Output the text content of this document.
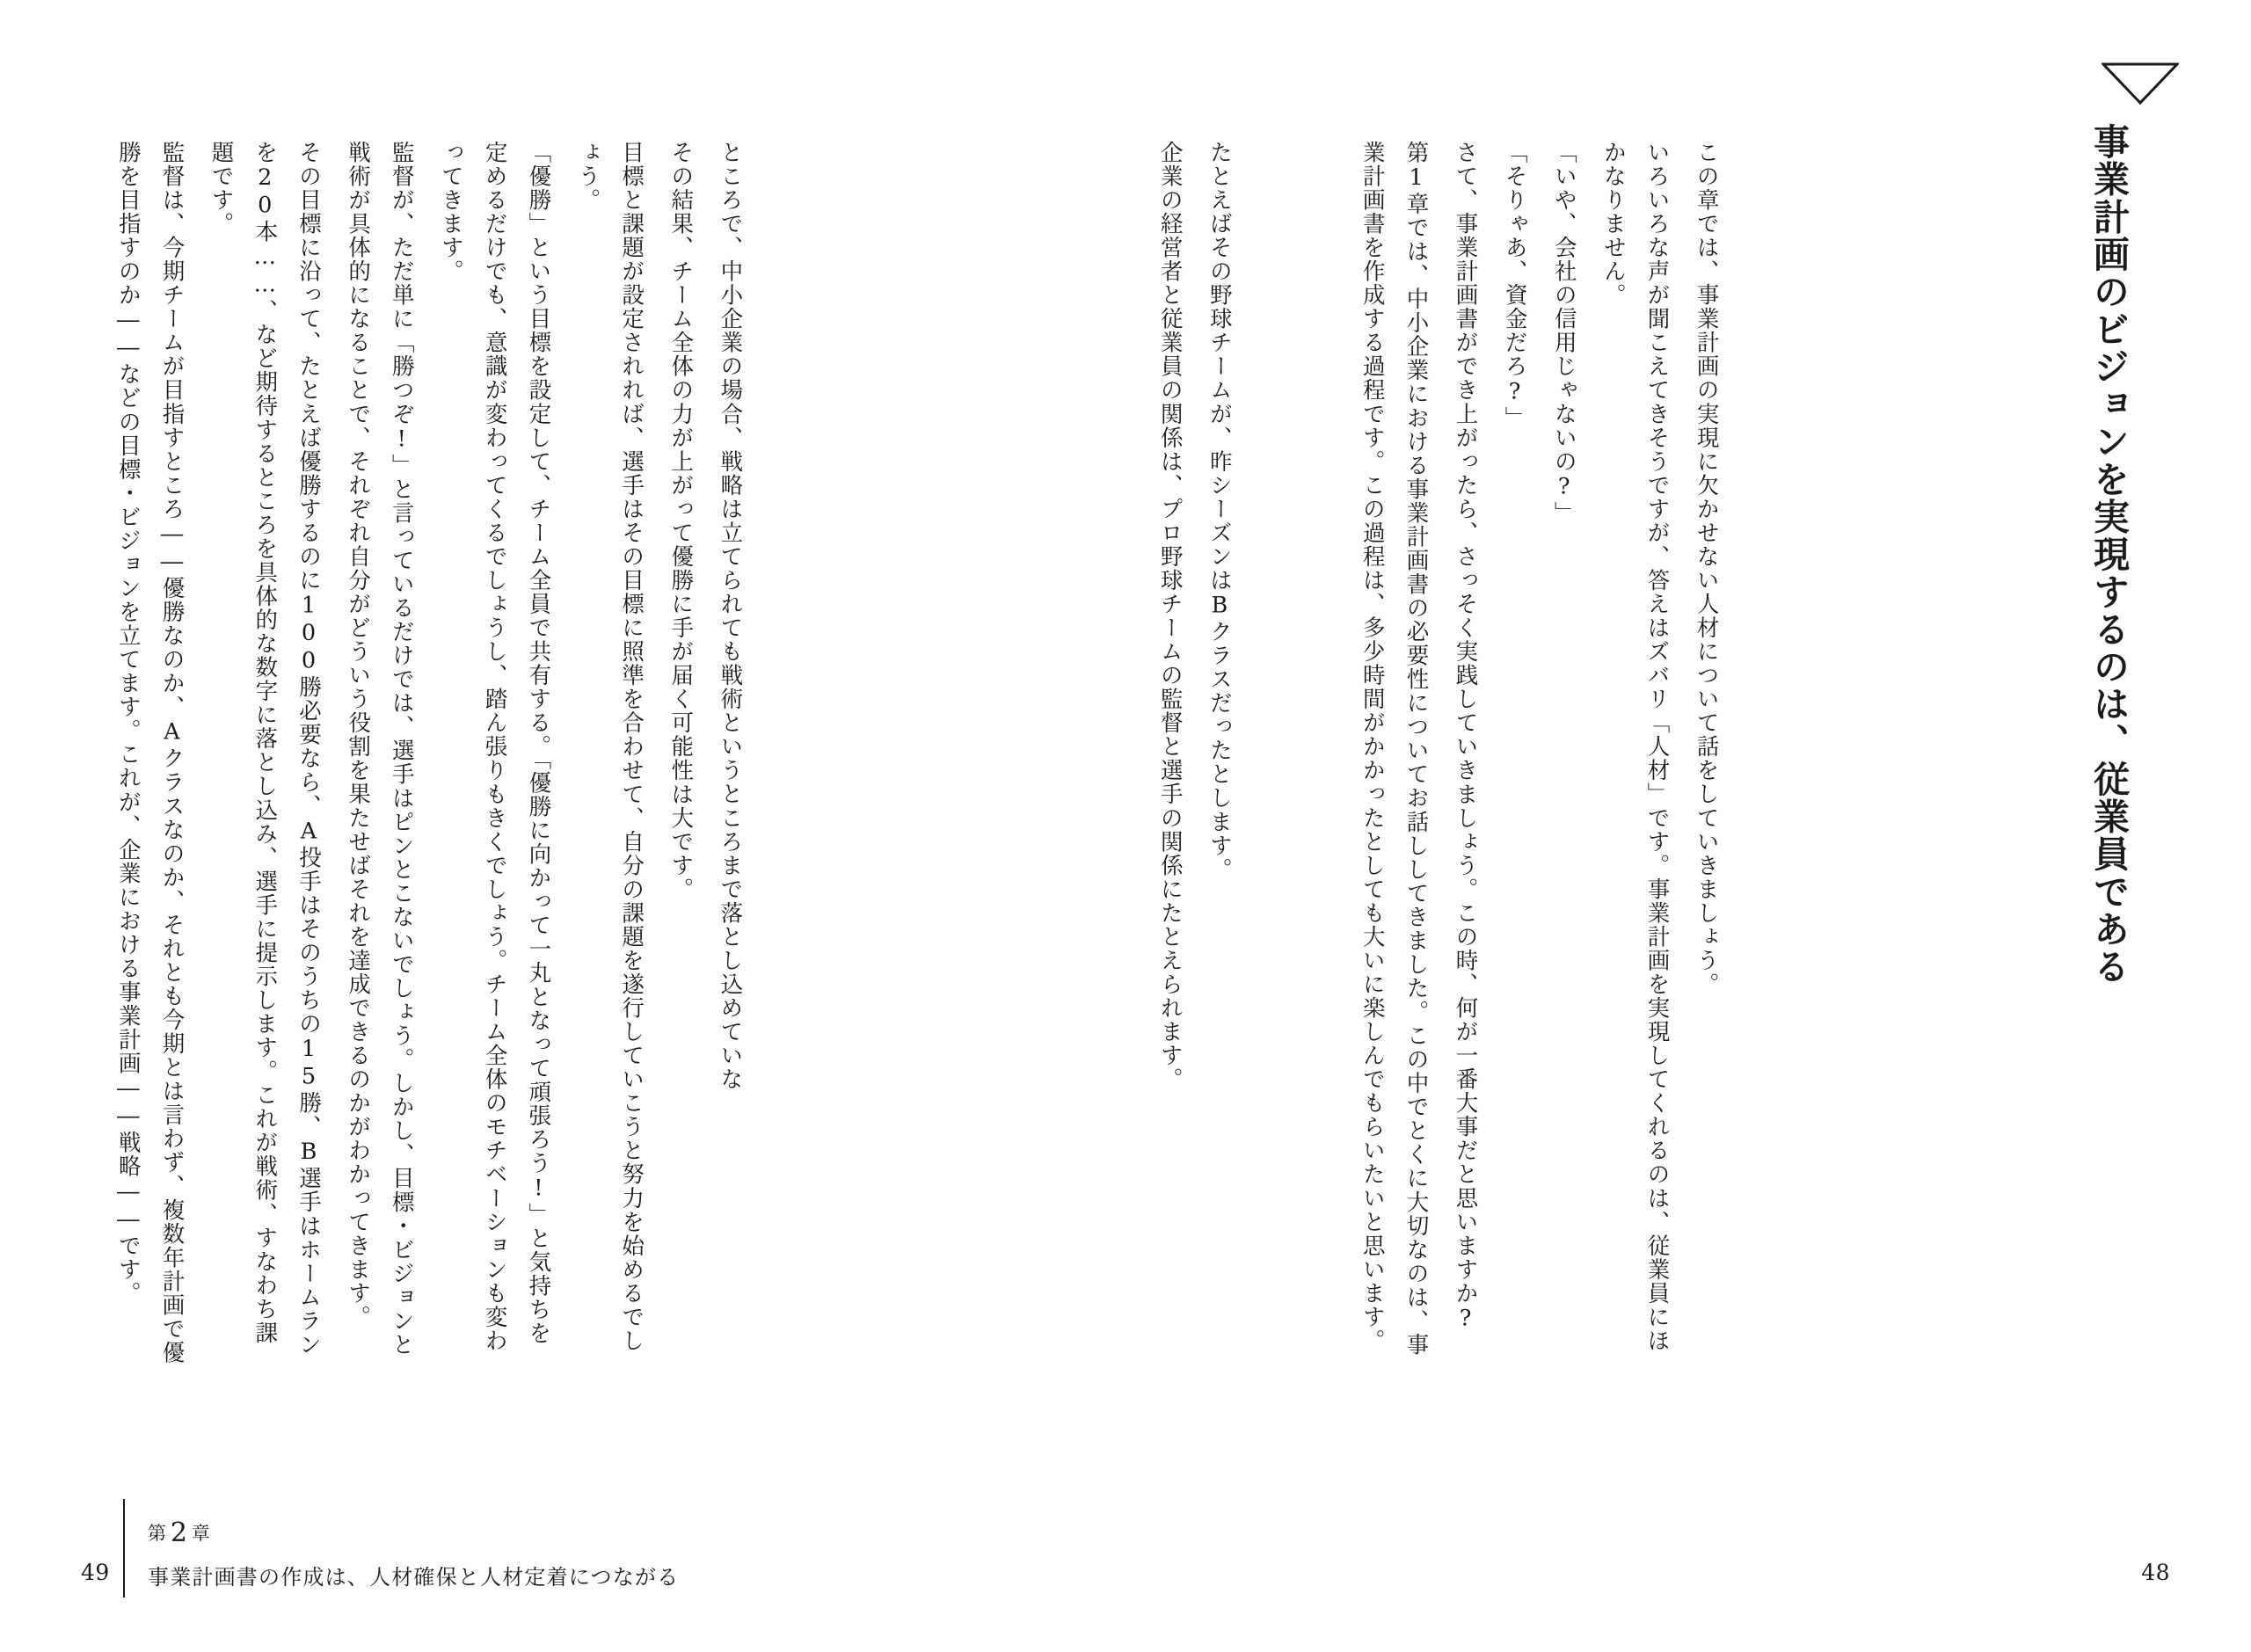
事業計画のビジョンを実現するのは、従業員である
第1章では、中小企業における事業計画書の必要性についてお話ししてきました。この中でとくに大切なのは、事業計画書を作成する過程です。この過程は、多少時間がかかったとしても大いに楽しんでもらいたいと思います。	さて、事業計画書ができ上がったら、さっそく実践していきましょう。この時、何が一番大事だと思いますか? 「そりゃあ、資金だろ?」 「いや、会社の信用じゃないの?」	いろいろな声が聞こえてきそうですが、答えはズバリ「人材」です。事業計画を実現してくれるのは、従業員にほかなりません。	この章では、事業計画の実現に欠かせない人材について話をしていきましょう。
企業の経営者と従業員の関係は、プロ野球チームの監督と選手の関係にたとえられます。 たとえばその野球チームが、昨シーズンはBクラスだったとします。
48
監督は、今期チームが目指すところ――優勝なのか、Aクラスなのか、それとも今期とは言わず、複数年計画で優勝を目指すのか――などの目標・ビジョンを立てます。これが、企業における事業計画――戦略――です。	その目標に沿って、たとえば優勝するのに100勝必要なら、A投手はそのうちの15勝、B選手はホームランを20本……、など期待するところを具体的な数字に落とし込み、選手に提示します。これが戦術、すなわち課題です。	監督が、ただ単に「勝つぞ!」と言っているだけでは、選手はピンとこないでしょう。しかし、目標・ビジョンと戦術が具体的になることで、それぞれ自分がどういう役割を果たせばそれを達成できるのかがわかってきます。	「優勝」という目標を設定して、チーム全員で共有する。「優勝に向かって一丸となって頑張ろう!」と気持ちを定めるだけでも、意識が変わってくるでしょうし、踏ん張りもきくでしょう。チーム全体のモチベーションも変わってきます。	目標と課題が設定されれば、選手はその目標に照準を合わせて、自分の課題を遂行していこうと努力を始めるでしょう。	その結果、チーム全体の力が上がって優勝に手が届く可能性は大です。 ところで、中小企業の場合、戦略は立てられても戦術というところまで落とし込めていな
第 2 章
事業計画書の作成は、人材確保と人材定着につながる
49
